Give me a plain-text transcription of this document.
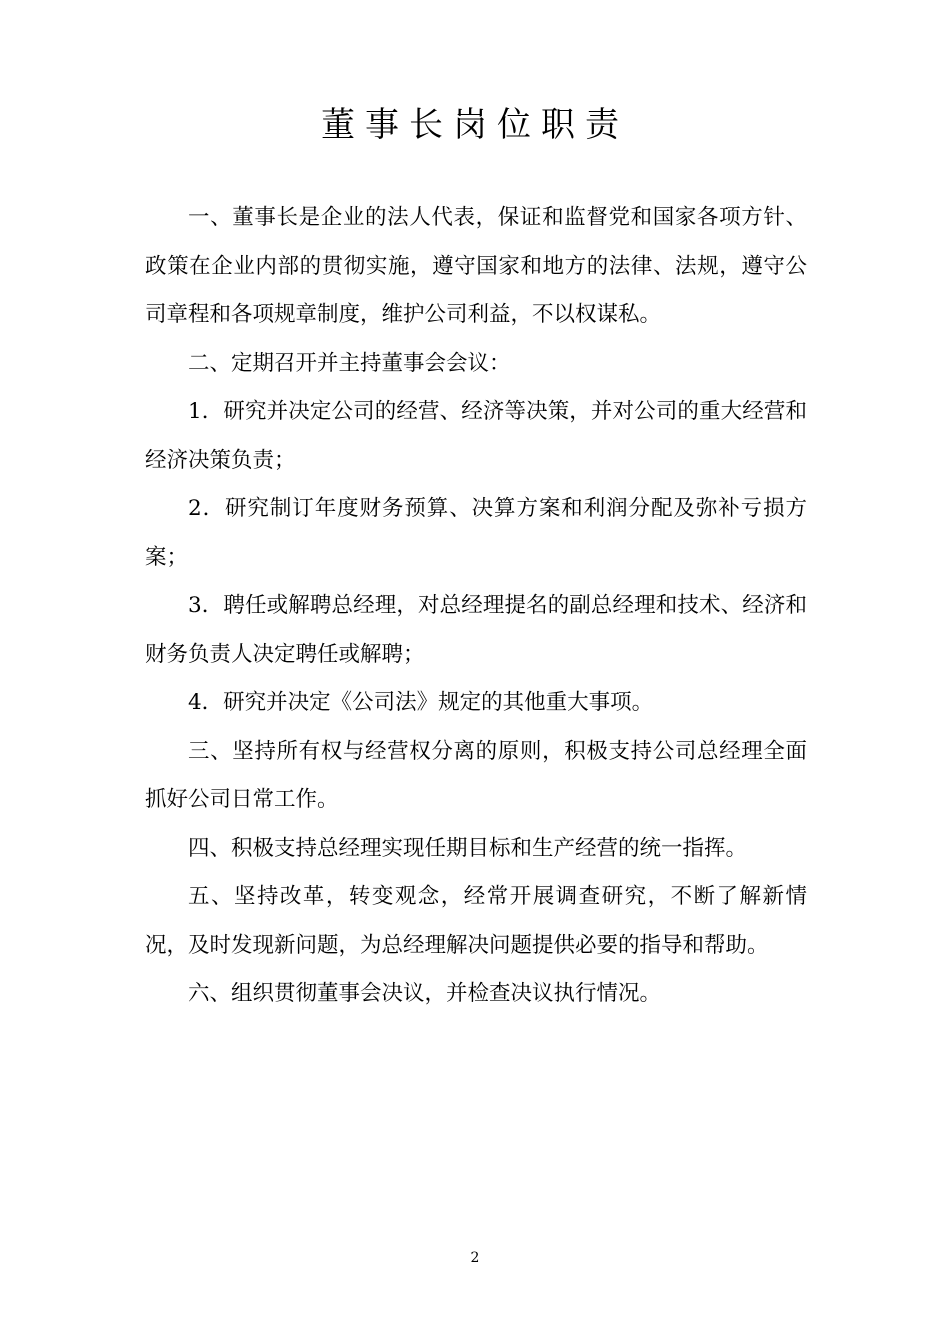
董事长岗位职责

一、董事长是企业的法人代表，保证和监督党和国家各项方针、政策在企业内部的贯彻实施，遵守国家和地方的法律、法规，遵守公司章程和各项规章制度，维护公司利益，不以权谋私。

二、定期召开并主持董事会会议：

1．研究并决定公司的经营、经济等决策，并对公司的重大经营和经济决策负责；

2．研究制订年度财务预算、决算方案和利润分配及弥补亏损方案；

3．聘任或解聘总经理，对总经理提名的副总经理和技术、经济和财务负责人决定聘任或解聘；

4．研究并决定《公司法》规定的其他重大事项。

三、坚持所有权与经营权分离的原则，积极支持公司总经理全面抓好公司日常工作。

四、积极支持总经理实现任期目标和生产经营的统一指挥。

五、坚持改革，转变观念，经常开展调查研究，不断了解新情况，及时发现新问题，为总经理解决问题提供必要的指导和帮助。

六、组织贯彻董事会决议，并检查决议执行情况。

2
